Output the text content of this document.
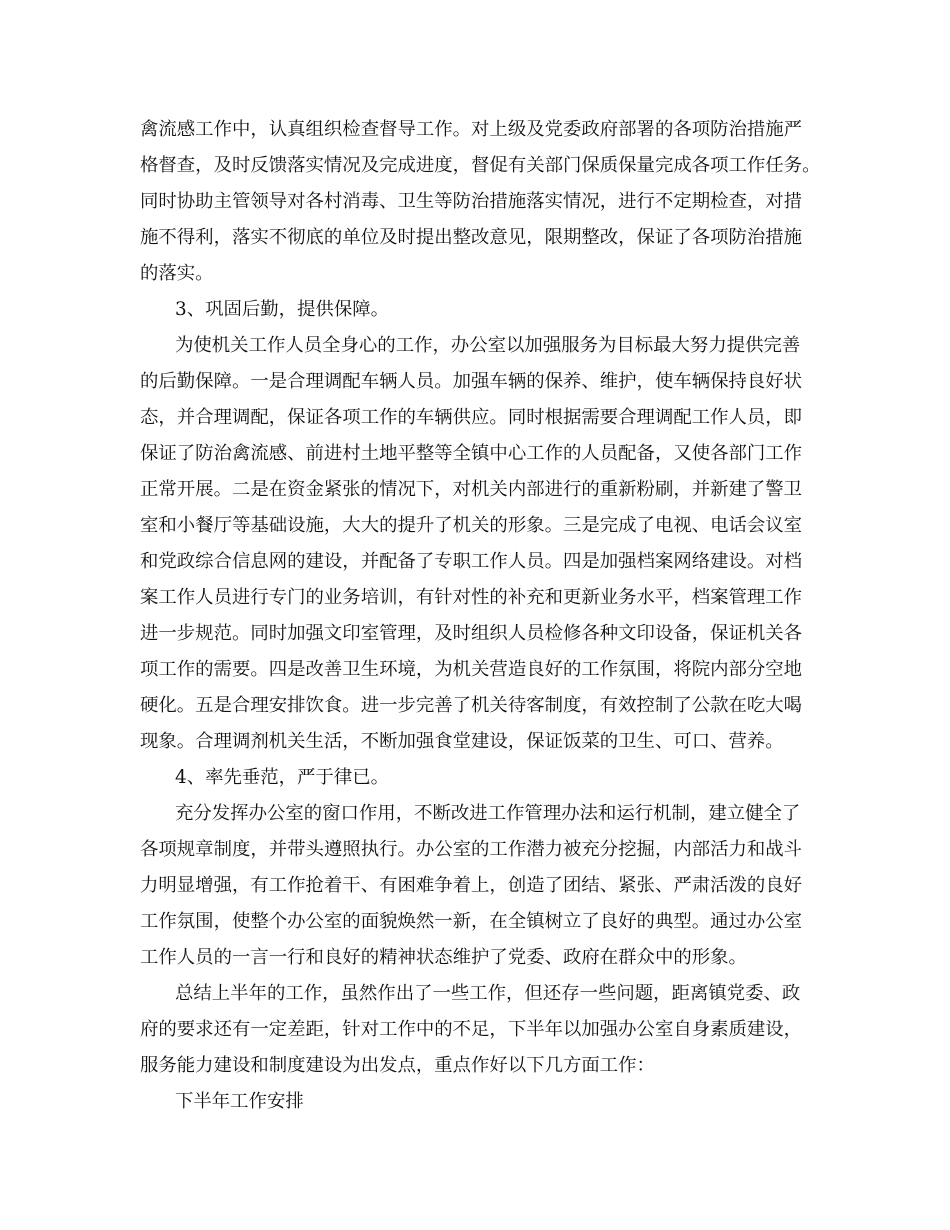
禽流感工作中，认真组织检查督导工作。对上级及党委政府部署的各项防治措施严
格督查，及时反馈落实情况及完成进度，督促有关部门保质保量完成各项工作任务。
同时协助主管领导对各村消毒、卫生等防治措施落实情况，进行不定期检查，对措
施不得利，落实不彻底的单位及时提出整改意见，限期整改，保证了各项防治措施
的落实。
3、巩固后勤，提供保障。
为使机关工作人员全身心的工作，办公室以加强服务为目标最大努力提供完善
的后勤保障。一是合理调配车辆人员。加强车辆的保养、维护，使车辆保持良好状
态，并合理调配，保证各项工作的车辆供应。同时根据需要合理调配工作人员，即
保证了防治禽流感、前进村土地平整等全镇中心工作的人员配备，又使各部门工作
正常开展。二是在资金紧张的情况下，对机关内部进行的重新粉刷，并新建了警卫
室和小餐厅等基础设施，大大的提升了机关的形象。三是完成了电视、电话会议室
和党政综合信息网的建设，并配备了专职工作人员。四是加强档案网络建设。对档
案工作人员进行专门的业务培训，有针对性的补充和更新业务水平，档案管理工作
进一步规范。同时加强文印室管理，及时组织人员检修各种文印设备，保证机关各
项工作的需要。四是改善卫生环境，为机关营造良好的工作氛围，将院内部分空地
硬化。五是合理安排饮食。进一步完善了机关待客制度，有效控制了公款在吃大喝
现象。合理调剂机关生活，不断加强食堂建设，保证饭菜的卫生、可口、营养。
4、率先垂范，严于律已。
充分发挥办公室的窗口作用，不断改进工作管理办法和运行机制，建立健全了
各项规章制度，并带头遵照执行。办公室的工作潜力被充分挖掘，内部活力和战斗
力明显增强，有工作抢着干、有困难争着上，创造了团结、紧张、严肃活泼的良好
工作氛围，使整个办公室的面貌焕然一新，在全镇树立了良好的典型。通过办公室
工作人员的一言一行和良好的精神状态维护了党委、政府在群众中的形象。
总结上半年的工作，虽然作出了一些工作，但还存一些问题，距离镇党委、政
府的要求还有一定差距，针对工作中的不足，下半年以加强办公室自身素质建设，
服务能力建设和制度建设为出发点，重点作好以下几方面工作：
下半年工作安排
